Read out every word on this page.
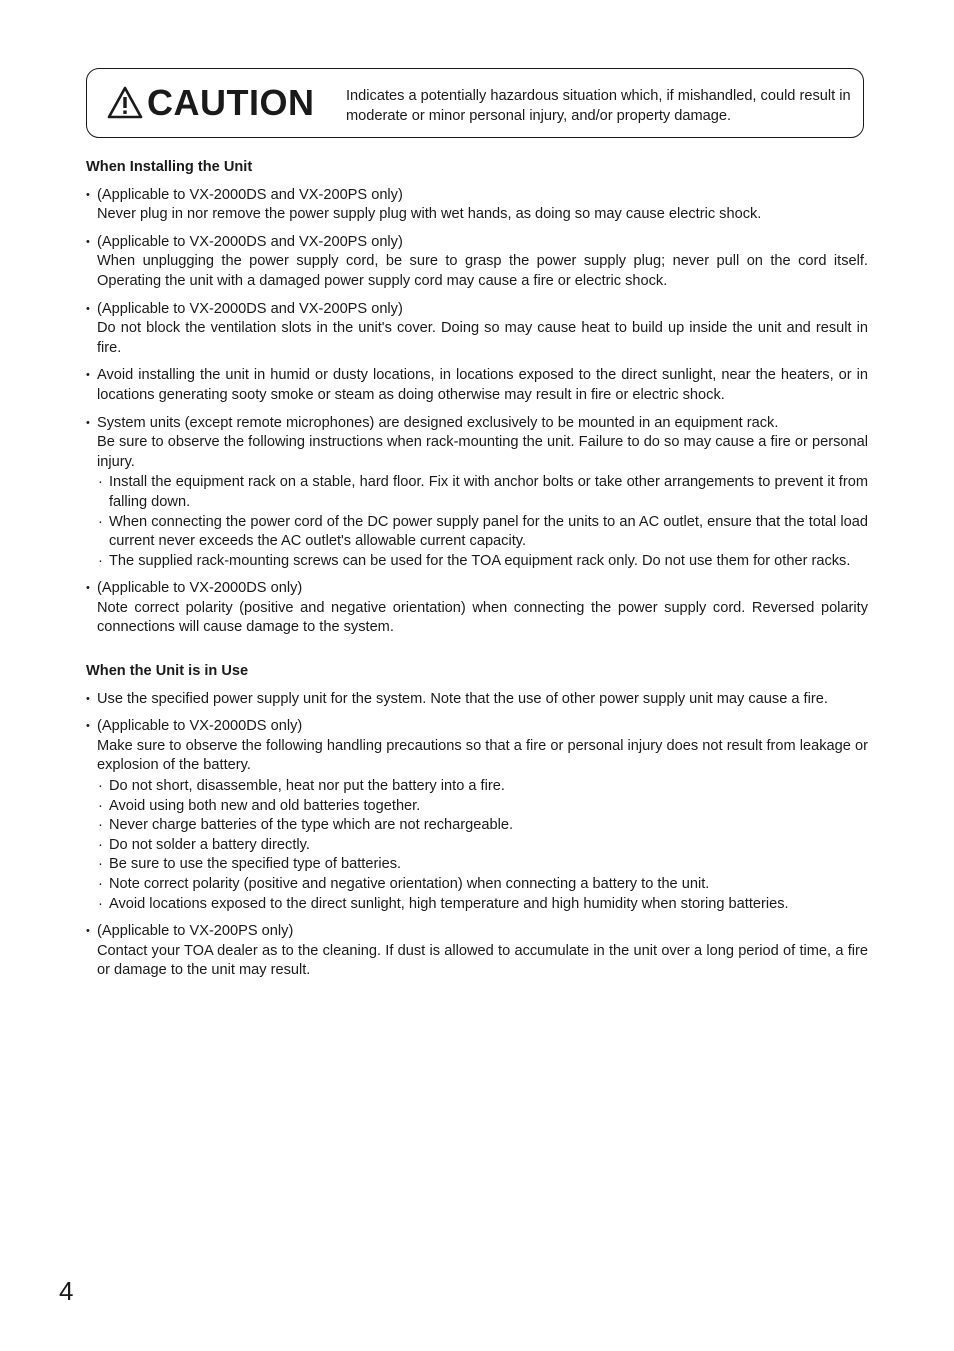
CAUTION Indicates a potentially hazardous situation which, if mishandled, could result in moderate or minor personal injury, and/or property damage.
When Installing the Unit
• (Applicable to VX-2000DS and VX-200PS only)
Never plug in nor remove the power supply plug with wet hands, as doing so may cause electric shock.
• (Applicable to VX-2000DS and VX-200PS only)
When unplugging the power supply cord, be sure to grasp the power supply plug; never pull on the cord itself. Operating the unit with a damaged power supply cord may cause a fire or electric shock.
• (Applicable to VX-2000DS and VX-200PS only)
Do not block the ventilation slots in the unit's cover. Doing so may cause heat to build up inside the unit and result in fire.
• Avoid installing the unit in humid or dusty locations, in locations exposed to the direct sunlight, near the heaters, or in locations generating sooty smoke or steam as doing otherwise may result in fire or electric shock.
• System units (except remote microphones) are designed exclusively to be mounted in an equipment rack.
Be sure to observe the following instructions when rack-mounting the unit. Failure to do so may cause a fire or personal injury.
· Install the equipment rack on a stable, hard floor. Fix it with anchor bolts or take other arrangements to prevent it from falling down.
· When connecting the power cord of the DC power supply panel for the units to an AC outlet, ensure that the total load current never exceeds the AC outlet's allowable current capacity.
· The supplied rack-mounting screws can be used for the TOA equipment rack only. Do not use them for other racks.
• (Applicable to VX-2000DS only)
Note correct polarity (positive and negative orientation) when connecting the power supply cord. Reversed polarity connections will cause damage to the system.
When the Unit is in Use
• Use the specified power supply unit for the system. Note that the use of other power supply unit may cause a fire.
• (Applicable to VX-2000DS only)
Make sure to observe the following handling precautions so that a fire or personal injury does not result from leakage or explosion of the battery.
· Do not short, disassemble, heat nor put the battery into a fire.
· Avoid using both new and old batteries together.
· Never charge batteries of the type which are not rechargeable.
· Do not solder a battery directly.
· Be sure to use the specified type of batteries.
· Note correct polarity (positive and negative orientation) when connecting a battery to the unit.
· Avoid locations exposed to the direct sunlight, high temperature and high humidity when storing batteries.
• (Applicable to VX-200PS only)
Contact your TOA dealer as to the cleaning. If dust is allowed to accumulate in the unit over a long period of time, a fire or damage to the unit may result.
4
